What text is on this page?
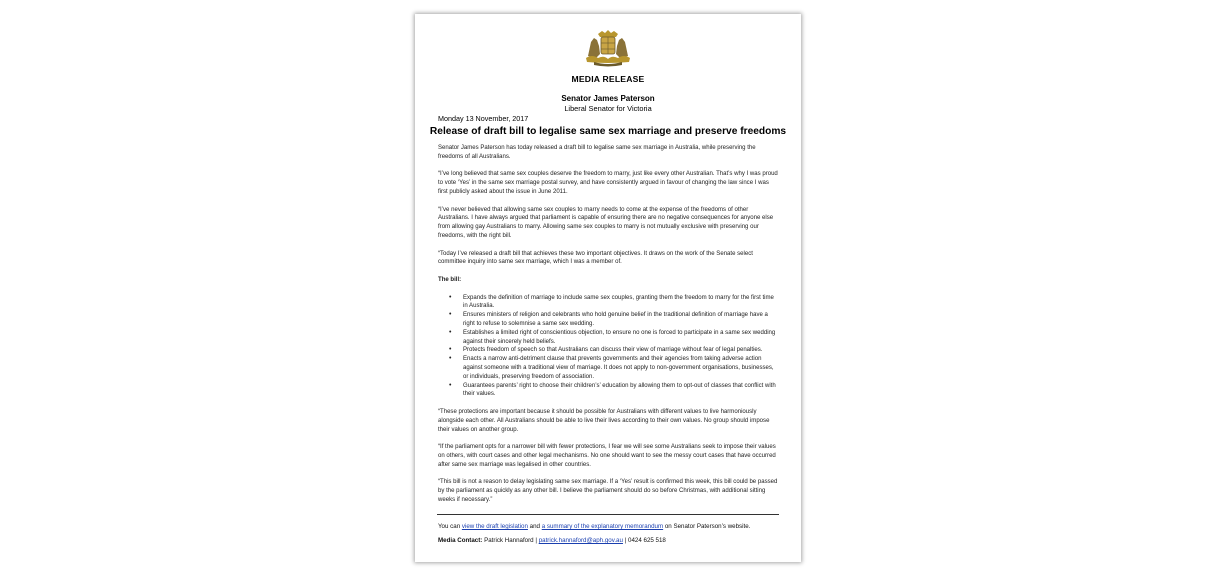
MEDIA RELEASE
Senator James Paterson
Liberal Senator for Victoria
Monday 13 November, 2017
Release of draft bill to legalise same sex marriage and preserve freedoms

Senator James Paterson has today released a draft bill to legalise same sex marriage in Australia, while preserving the freedoms of all Australians.

“I’ve long believed that same sex couples deserve the freedom to marry, just like every other Australian. That’s why I was proud to vote ‘Yes’ in the same sex marriage postal survey, and have consistently argued in favour of changing the law since I was first publicly asked about the issue in June 2011.

“I’ve never believed that allowing same sex couples to marry needs to come at the expense of the freedoms of other Australians. I have always argued that parliament is capable of ensuring there are no negative consequences for anyone else from allowing gay Australians to marry. Allowing same sex couples to marry is not mutually exclusive with preserving our freedoms, with the right bill.

“Today I’ve released a draft bill that achieves these two important objectives. It draws on the work of the Senate select committee inquiry into same sex marriage, which I was a member of.

The bill:

• Expands the definition of marriage to include same sex couples, granting them the freedom to marry for the first time in Australia.
• Ensures ministers of religion and celebrants who hold genuine belief in the traditional definition of marriage have a right to refuse to solemnise a same sex wedding.
• Establishes a limited right of conscientious objection, to ensure no one is forced to participate in a same sex wedding against their sincerely held beliefs.
• Protects freedom of speech so that Australians can discuss their view of marriage without fear of legal penalties.
• Enacts a narrow anti-detriment clause that prevents governments and their agencies from taking adverse action against someone with a traditional view of marriage. It does not apply to non-government organisations, businesses, or individuals, preserving freedom of association.
• Guarantees parents’ right to choose their children’s’ education by allowing them to opt-out of classes that conflict with their values.

“These protections are important because it should be possible for Australians with different values to live harmoniously alongside each other. All Australians should be able to live their lives according to their own values. No group should impose their values on another group.

“If the parliament opts for a narrower bill with fewer protections, I fear we will see some Australians seek to impose their values on others, with court cases and other legal mechanisms. No one should want to see the messy court cases that have occurred after same sex marriage was legalised in other countries.

“This bill is not a reason to delay legislating same sex marriage. If a ‘Yes’ result is confirmed this week, this bill could be passed by the parliament as quickly as any other bill. I believe the parliament should do so before Christmas, with additional sitting weeks if necessary.”

You can view the draft legislation and a summary of the explanatory memorandum on Senator Paterson’s website.
Media Contact: Patrick Hannaford | patrick.hannaford@aph.gov.au | 0424 625 518
